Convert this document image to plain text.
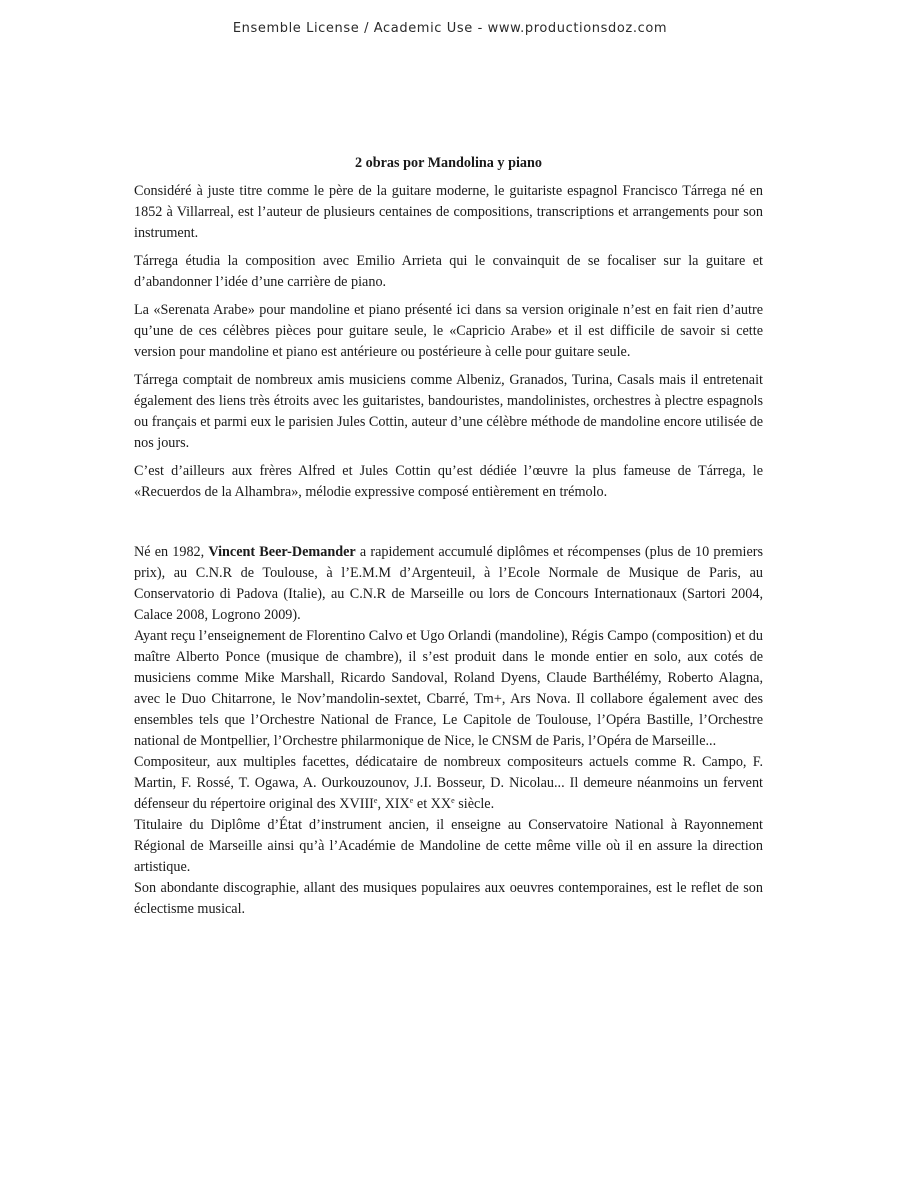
Ensemble License / Academic Use - www.productionsdoz.com
2 obras por Mandolina y piano

Considéré à juste titre comme le père de la guitare moderne, le guitariste espagnol Francisco Tárrega né en 1852 à Villarreal, est l’auteur de plusieurs centaines de compositions, transcriptions et arrangements pour son instrument.

Tárrega étudia la composition avec Emilio Arrieta qui le convainquit de se focaliser sur la guitare et d’abandonner l’idée d’une carrière de piano.

La «Serenata Arabe» pour mandoline et piano présenté ici dans sa version originale n’est en fait rien d’autre qu’une de ces célèbres pièces pour guitare seule, le «Capricio Arabe» et il est difficile de savoir si cette version pour mandoline et piano est antérieure ou postérieure à celle pour guitare seule.

Tárrega comptait de nombreux amis musiciens comme Albeniz, Granados, Turina, Casals mais il entretenait également des liens très étroits avec les guitaristes, bandouristes, mandolinistes, orchestres à plectre espagnols ou français et parmi eux le parisien Jules Cottin, auteur d’une célèbre méthode de mandoline encore utilisée de nos jours.

C’est d’ailleurs aux frères Alfred et Jules Cottin qu’est dédiée l’œuvre la plus fameuse de Tárrega, le «Recuerdos de la Alhambra», mélodie expressive composé entièrement en trémolo.

Né en 1982, Vincent Beer-Demander a rapidement accumulé diplômes et récompenses (plus de 10 premiers prix), au C.N.R de Toulouse, à l’E.M.M d’Argenteuil, à l’Ecole Normale de Musique de Paris, au Conservatorio di Padova (Italie), au C.N.R de Marseille ou lors de Concours Internationaux (Sartori 2004, Calace 2008, Logrono 2009).

Ayant reçu l’enseignement de Florentino Calvo et Ugo Orlandi (mandoline), Régis Campo (composition) et du maître Alberto Ponce (musique de chambre), il s’est produit dans le monde entier en solo, aux cotés de musiciens comme Mike Marshall, Ricardo Sandoval, Roland Dyens, Claude Barthélémy, Roberto Alagna, avec le Duo Chitarrone, le Nov’mandolin-sextet, Cbarré, Tm+, Ars Nova. Il collabore également avec des ensembles tels que l’Orchestre National de France, Le Capitole de Toulouse, l’Opéra Bastille, l’Orchestre national de Montpellier, l’Orchestre philarmonique de Nice, le CNSM de Paris, l’Opéra de Marseille...

Compositeur, aux multiples facettes, dédicataire de nombreux compositeurs actuels comme R. Campo, F. Martin, F. Rossé, T. Ogawa, A. Ourkouzounov, J.I. Bosseur, D. Nicolau... Il demeure néanmoins un fervent défenseur du répertoire original des XVIIIe, XIXe et XXe siècle.

Titulaire du Diplôme d’État d’instrument ancien, il enseigne au Conservatoire National à Rayonnement Régional de Marseille ainsi qu’à l’Académie de Mandoline de cette même ville où il en assure la direction artistique.

Son abondante discographie, allant des musiques populaires aux oeuvres contemporaines, est le reflet de son éclectisme musical.
